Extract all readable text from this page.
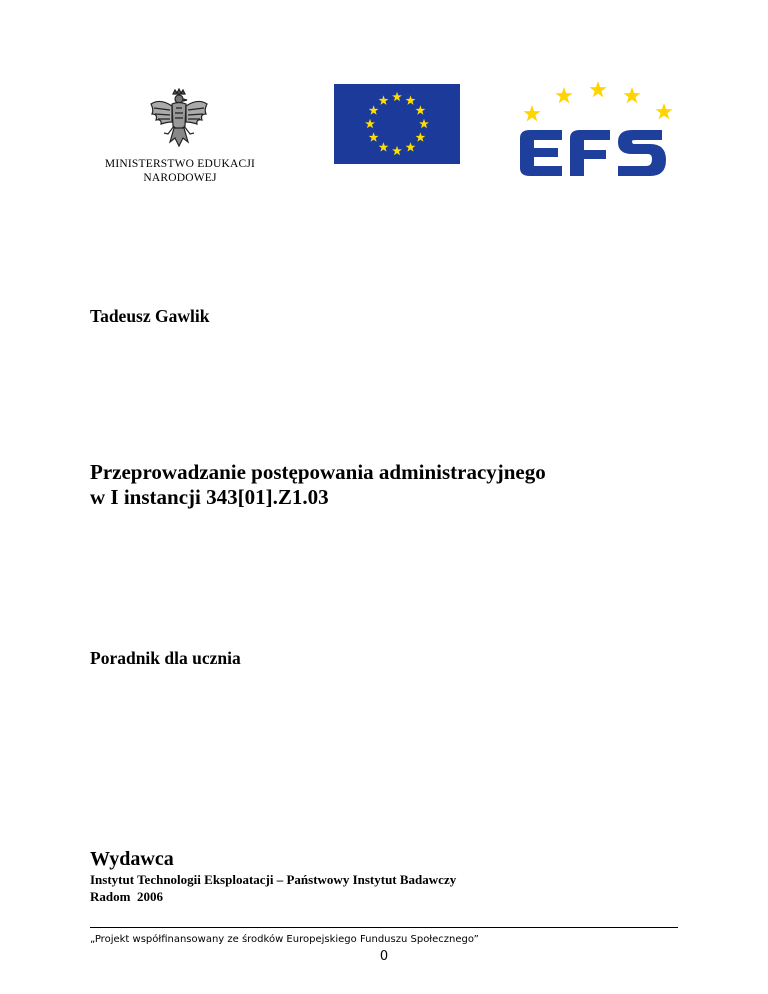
MINISTERSTWO EDUKACJI
NARODOWEJ
Tadeusz Gawlik
Przeprowadzanie postępowania administracyjnego
w I instancji 343[01].Z1.03
Poradnik dla ucznia
Wydawca
Instytut Technologii Eksploatacji – Państwowy Instytut Badawczy
Radom  2006
„Projekt współfinansowany ze środków Europejskiego Funduszu Społecznego”
0
